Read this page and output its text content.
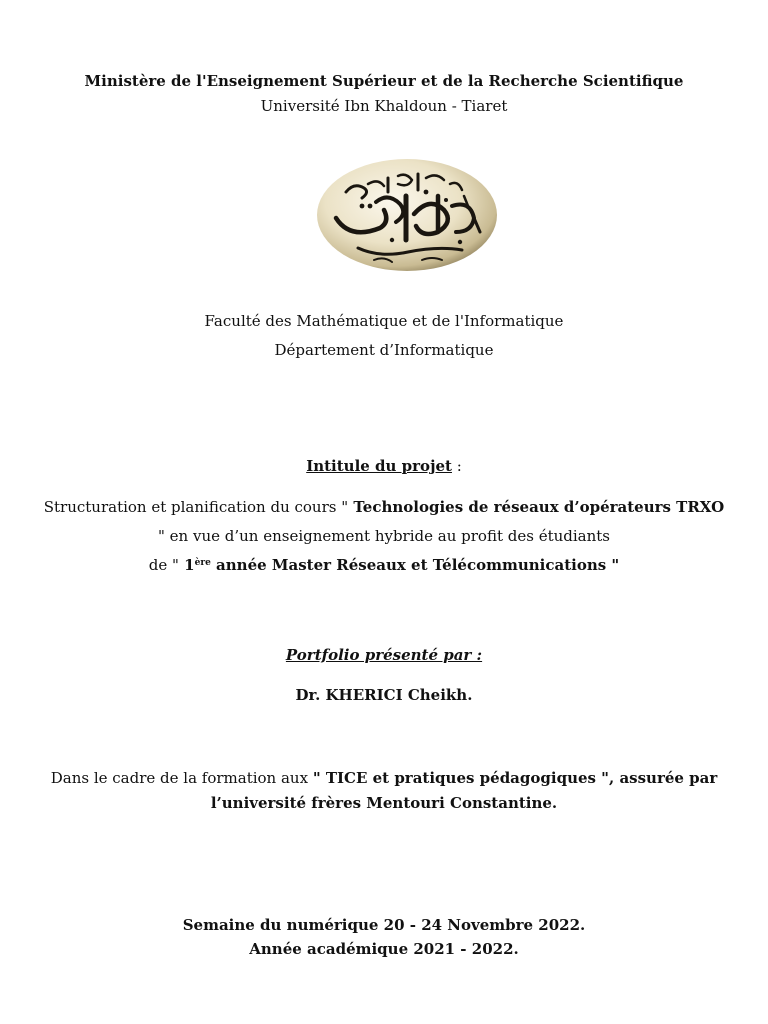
Ministère de l'Enseignement Supérieur et de la Recherche Scientifique
Université Ibn Khaldoun - Tiaret
Faculté des Mathématique et de l'Informatique
Département d’Informatique
Intitule du projet :
Structuration et planification du cours " Technologies de réseaux d’opérateurs TRXO
" en vue d’un enseignement hybride au profit des étudiants
de " 1ère année Master Réseaux et Télécommunications "
Portfolio présenté par :
Dr. KHERICI Cheikh.
Dans le cadre de la formation aux " TICE et pratiques pédagogiques ", assurée par
l’université frères Mentouri Constantine.
Semaine du numérique 20 - 24 Novembre 2022.
Année académique 2021 - 2022.
